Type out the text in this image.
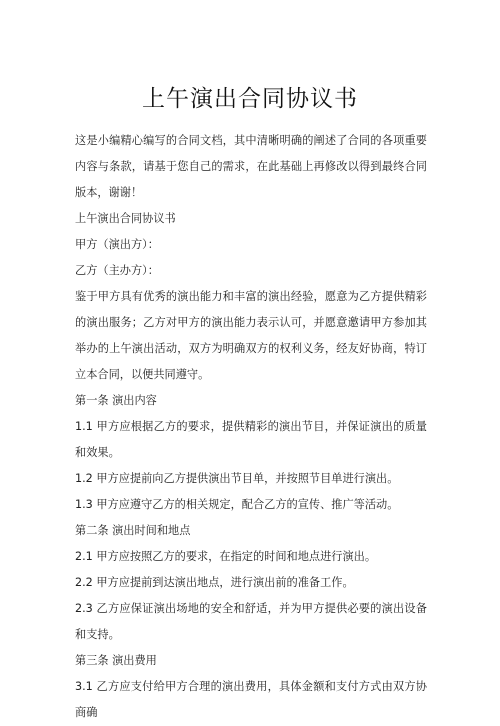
上午演出合同协议书

这是小编精心编写的合同文档，其中清晰明确的阐述了合同的各项重要内容与条款，请基于您自己的需求，在此基础上再修改以得到最终合同版本，谢谢！

上午演出合同协议书

甲方（演出方）：

乙方（主办方）：

鉴于甲方具有优秀的演出能力和丰富的演出经验，愿意为乙方提供精彩的演出服务；乙方对甲方的演出能力表示认可，并愿意邀请甲方参加其举办的上午演出活动，双方为明确双方的权利义务，经友好协商，特订立本合同，以便共同遵守。

第一条 演出内容

1.1 甲方应根据乙方的要求，提供精彩的演出节目，并保证演出的质量和效果。

1.2 甲方应提前向乙方提供演出节目单，并按照节目单进行演出。

1.3 甲方应遵守乙方的相关规定，配合乙方的宣传、推广等活动。

第二条 演出时间和地点

2.1 甲方应按照乙方的要求，在指定的时间和地点进行演出。

2.2 甲方应提前到达演出地点，进行演出前的准备工作。

2.3 乙方应保证演出场地的安全和舒适，并为甲方提供必要的演出设备和支持。

第三条 演出费用

3.1 乙方应支付给甲方合理的演出费用，具体金额和支付方式由双方协商确
